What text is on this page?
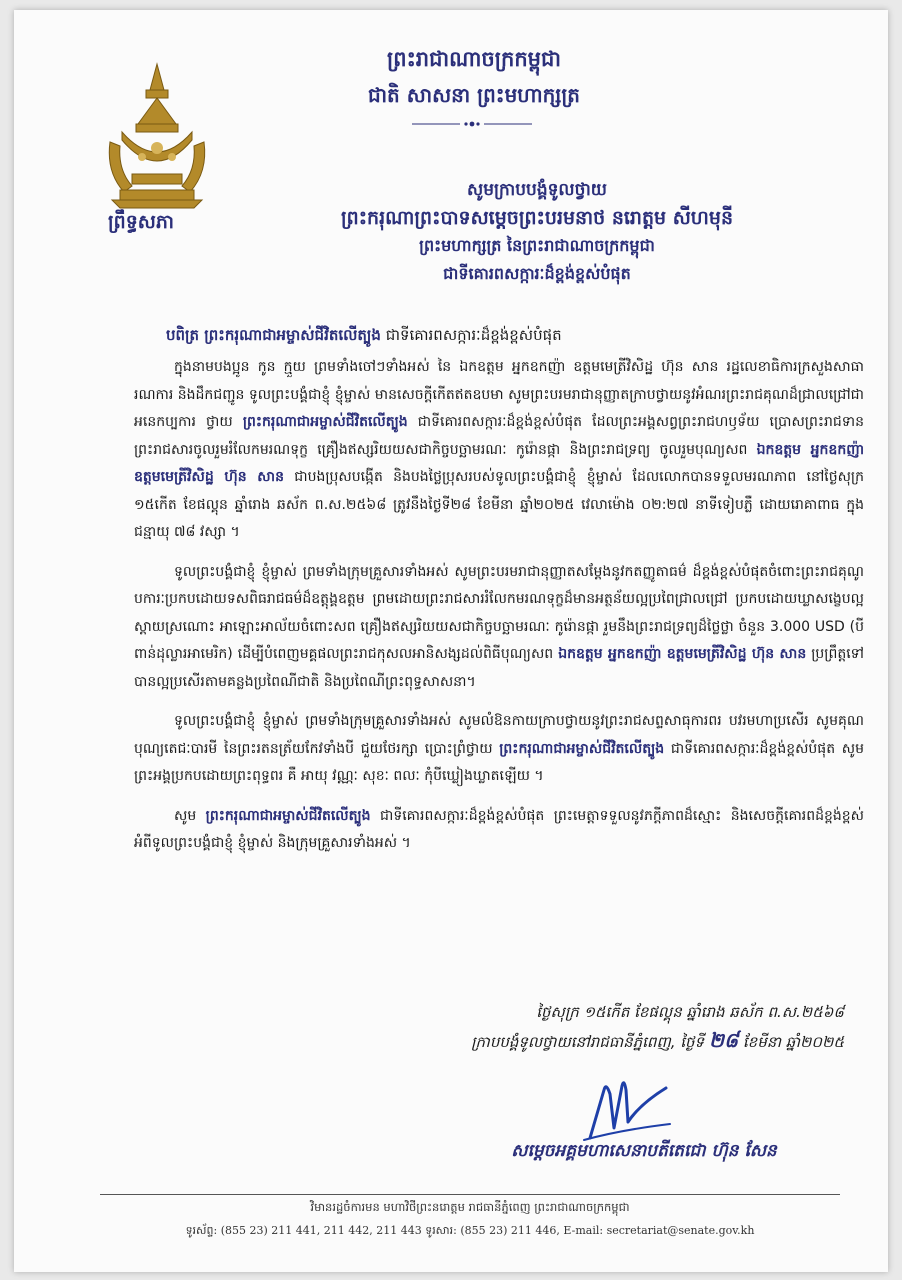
ព្រឹទ្ធសភា
ព្រះរាជាណាចក្រកម្ពុជា
ជាតិ សាសនា ព្រះមហាក្សត្រ
សូមក្រាបបង្គំទូលថ្វាយ
ព្រះករុណាព្រះបាទសម្តេចព្រះបរមនាថ នរោត្តម សីហមុនី
ព្រះមហាក្សត្រ នៃព្រះរាជាណាចក្រកម្ពុជា
ជាទីគោរពសក្ការៈដ៏ខ្ពង់ខ្ពស់បំផុត
បពិត្រ ព្រះករុណាជាអម្ចាស់ជីវិតលើត្បូង ជាទីគោរពសក្ការៈដ៏ខ្ពង់ខ្ពស់បំផុត

ក្នុងនាមបងប្អូន កូន ក្មួយ ព្រមទាំងចៅៗទាំងអស់ នៃ ឯកឧត្តម អ្នកឧកញ៉ា ឧត្តមមេត្រីវិសិដ្ឋ ហ៊ុន សាន រដ្ឋលេខាធិការក្រសួងសាធារណការ និងដឹកជញ្ជូន ទូលព្រះបង្គំជាខ្ញុំ ខ្ញុំម្ចាស់ មានសេចក្តីកើតឥតឧបមា សូមព្រះបរមរាជានុញ្ញាតក្រាបថ្វាយនូវអំណរព្រះរាជគុណដ៏ជ្រាលជ្រៅជាអនេកប្បការ ថ្វាយ ព្រះករុណាជាអម្ចាស់ជីវិតលើត្បូង ជាទីគោរពសក្ការៈដ៏ខ្ពង់ខ្ពស់បំផុត ដែលព្រះអង្គសព្វព្រះរាជហឫទ័យ ប្រោសព្រះរាជទានព្រះរាជសារចូលរួមរំលែកមរណទុក្ខ គ្រឿងឥស្សរិយយសជាកិច្ចបច្ឆាមរណៈ កូរ៉ោនផ្កា និងព្រះរាជទ្រព្យ ចូលរួមបុណ្យសព ឯកឧត្តម អ្នកឧកញ៉ា ឧត្តមមេត្រីវិសិដ្ឋ ហ៊ុន សាន ជាបងប្រុសបង្កើត និងបងថ្លៃប្រុសរបស់ទូលព្រះបង្គំជាខ្ញុំ ខ្ញុំម្ចាស់ ដែលលោកបានទទួលមរណភាព នៅថ្ងៃសុក្រ ១៥កើត ខែផល្គុន ឆ្នាំរោង ឆស័ក ព.ស.២៥៦៨ ត្រូវនឹងថ្ងៃទី២៨ ខែមីនា ឆ្នាំ២០២៥ វេលាម៉ោង ០២:២៧ នាទីទៀបភ្លឺ ដោយរោគាពាធ ក្នុងជន្មាយុ ៧៨ វស្សា ។

ទូលព្រះបង្គំជាខ្ញុំ ខ្ញុំម្ចាស់ ព្រមទាំងក្រុមគ្រួសារទាំងអស់ សូមព្រះបរមរាជានុញ្ញាតសម្តែងនូវកតញ្ញូតាធម៌ ដ៏ខ្ពង់ខ្ពស់បំផុតចំពោះព្រះរាជគុណូបការៈប្រកបដោយទសពិធរាជធម៌ដ៏ឧត្តុង្គឧត្តម ព្រមដោយព្រះរាជសាររំលែកមរណទុក្ខដ៏មានអត្ថន័យល្អប្រពៃជ្រាលជ្រៅ ប្រកបដោយឃ្លាសង្ខេបល្អ ស្តាយស្រណោះ អាឡោះអាល័យចំពោះសព គ្រឿងឥស្សរិយយសជាកិច្ចបច្ឆាមរណៈ កូរ៉ោនផ្កា រួមនឹងព្រះរាជទ្រព្យដ៏ថ្លៃថ្លា ចំនួន 3.000 USD (បីពាន់ដុល្លារអាមេរិក) ដើម្បីបំពេញមគ្គផលព្រះរាជកុសលអានិសង្សដល់ពិធីបុណ្យសព ឯកឧត្តម អ្នកឧកញ៉ា ឧត្តមមេត្រីវិសិដ្ឋ ហ៊ុន សាន ប្រព្រឹត្តទៅបានល្អប្រសើរតាមគន្លងប្រពៃណីជាតិ និងប្រពៃណីព្រះពុទ្ធសាសនា។

ទូលព្រះបង្គំជាខ្ញុំ ខ្ញុំម្ចាស់ ព្រមទាំងក្រុមគ្រួសារទាំងអស់ សូមលំឱនកាយក្រាបថ្វាយនូវព្រះរាជសព្ទសាធុការពរ បវរមហាប្រសើរ សូមគុណបុណ្យតេជៈបារមី នៃព្រះរតនត្រ័យកែវទាំងបី ជួយថែរក្សា ប្រោះព្រំថ្វាយ ព្រះករុណាជាអម្ចាស់ជីវិតលើត្បូង ជាទីគោរពសក្ការៈដ៏ខ្ពង់ខ្ពស់បំផុត សូមព្រះអង្គប្រកបដោយព្រះពុទ្ធពរ គឺ អាយុ វណ្ណៈ សុខៈ ពលៈ កុំបីឃ្លៀងឃ្លាតឡើយ ។

សូម ព្រះករុណាជាអម្ចាស់ជីវិតលើត្បូង ជាទីគោរពសក្ការៈដ៏ខ្ពង់ខ្ពស់បំផុត ព្រះមេត្តាទទួលនូវភក្តីភាពដ៏ស្មោះ និងសេចក្តីគោរពដ៏ខ្ពង់ខ្ពស់ អំពីទូលព្រះបង្គំជាខ្ញុំ ខ្ញុំម្ចាស់ និងក្រុមគ្រួសារទាំងអស់ ។

ថ្ងៃសុក្រ ១៥កើត ខែផល្គុន ឆ្នាំរោង ឆស័ក ព.ស.២៥៦៨
ក្រាបបង្គំទូលថ្វាយនៅរាជធានីភ្នំពេញ, ថ្ងៃទី ២៨ ខែមីនា ឆ្នាំ២០២៥
សម្តេចអគ្គមហាសេនាបតីតេជោ ហ៊ុន សែន
វិមានរដ្ឋចំការមន មហាវិថីព្រះនរោត្តម រាជធានីភ្នំពេញ ព្រះរាជាណាចក្រកម្ពុជា
ទូរស័ព្ទ: (855 23) 211 441, 211 442, 211 443 ទូរសារ: (855 23) 211 446, E-mail: secretariat@senate.gov.kh
